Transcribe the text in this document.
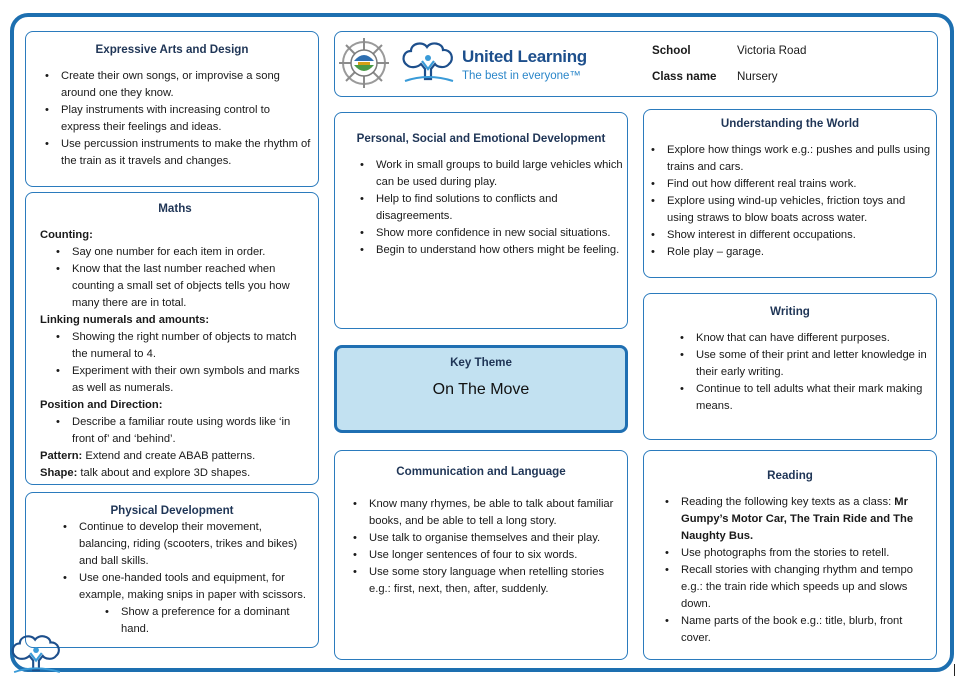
Expressive Arts and Design
• Create their own songs, or improvise a song around one they know.
• Play instruments with increasing control to express their feelings and ideas.
• Use percussion instruments to make the rhythm of the train as it travels and changes.
Maths

Counting:

• Say one number for each item in order.
• Know that the last number reached when counting a small set of objects tells you how many there are in total.

Linking numerals and amounts:

• Showing the right number of objects to match the numeral to 4.
• Experiment with their own symbols and marks as well as numerals.

Position and Direction:

• Describe a familiar route using words like ‘in front of’ and ‘behind’.

Pattern: Extend and create ABAB patterns.

Shape: talk about and explore 3D shapes.

Physical Development
• Continue to develop their movement, balancing, riding (scooters, trikes and bikes) and ball skills.
• Use one-handed tools and equipment, for example, making snips in paper with scissors.
• Show a preference for a dominant hand.
United Learning
The best in everyone™
School	Victoria Road
Class name Nursery
Personal, Social and Emotional Development
• Work in small groups to build large vehicles which can be used during play.
• Help to find solutions to conflicts and disagreements.
• Show more confidence in new social situations.
• Begin to understand how others might be feeling.
Key Theme
On The Move
Communication and Language
• Know many rhymes, be able to talk about familiar books, and be able to tell a long story.
• Use talk to organise themselves and their play.
• Use longer sentences of four to six words.
• Use some story language when retelling stories e.g.: first, next, then, after, suddenly.
Understanding the World
• Explore how things work e.g.: pushes and pulls using trains and cars.
• Find out how different real trains work.
• Explore using wind-up vehicles, friction toys and using straws to blow boats across water.
• Show interest in different occupations.
• Role play – garage.
Writing
• Know that can have different purposes.
• Use some of their print and letter knowledge in their early writing.
• Continue to tell adults what their mark making means.
Reading
• Reading the following key texts as a class: Mr Gumpy’s Motor Car, The Train Ride and The Naughty Bus.
• Use photographs from the stories to retell.
• Recall stories with changing rhythm and tempo e.g.: the train ride which speeds up and slows down.
• Name parts of the book e.g.: title, blurb, front cover.
